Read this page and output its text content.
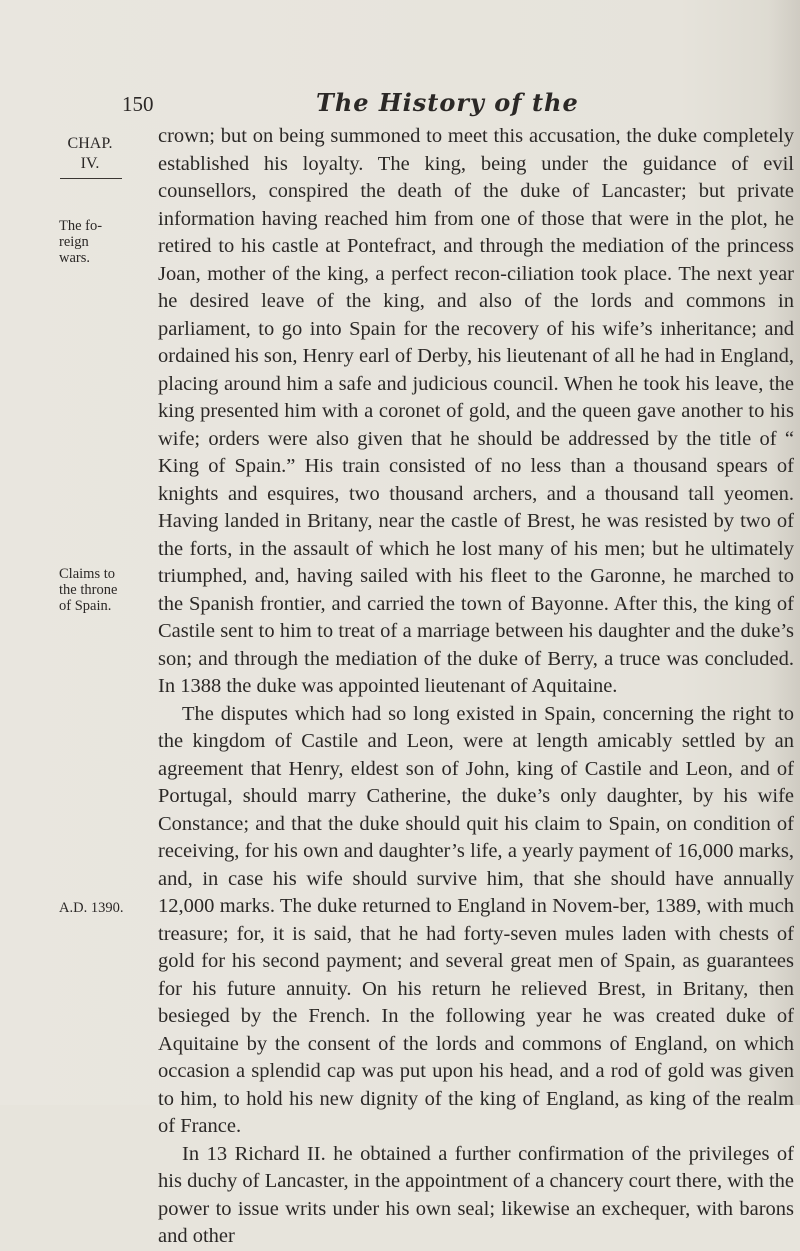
150	The History of the
CHAP.
IV.
The fo-
reign
wars.
Claims to
the throne
of Spain.
A.D. 1390.

crown; but on being summoned to meet this accusation, the duke completely established his loyalty. The king, being under the guidance of evil counsellors, conspired the death of the duke of Lancaster; but private information having reached him from one of those that were in the plot, he retired to his castle at Pontefract, and through the mediation of the princess Joan, mother of the king, a perfect recon-ciliation took place. The next year he desired leave of the king, and also of the lords and commons in parliament, to go into Spain for the recovery of his wife’s inheritance; and ordained his son, Henry earl of Derby, his lieutenant of all he had in England, placing around him a safe and judicious council. When he took his leave, the king presented him with a coronet of gold, and the queen gave another to his wife; orders were also given that he should be addressed by the title of “ King of Spain.” His train consisted of no less than a thousand spears of knights and esquires, two thousand archers, and a thousand tall yeomen. Having landed in Britany, near the castle of Brest, he was resisted by two of the forts, in the assault of which he lost many of his men; but he ultimately triumphed, and, having sailed with his fleet to the Garonne, he marched to the Spanish frontier, and carried the town of Bayonne. After this, the king of Castile sent to him to treat of a marriage between his daughter and the duke’s son; and through the mediation of the duke of Berry, a truce was concluded. In 1388 the duke was appointed lieutenant of Aquitaine.

The disputes which had so long existed in Spain, concerning the right to the kingdom of Castile and Leon, were at length amicably settled by an agreement that Henry, eldest son of John, king of Castile and Leon, and of Portugal, should marry Catherine, the duke’s only daughter, by his wife Constance; and that the duke should quit his claim to Spain, on condition of receiving, for his own and daughter’s life, a yearly payment of 16,000 marks, and, in case his wife should survive him, that she should have annually 12,000 marks. The duke returned to England in Novem-ber, 1389, with much treasure; for, it is said, that he had forty-seven mules laden with chests of gold for his second payment; and several great men of Spain, as guarantees for his future annuity. On his return he relieved Brest, in Britany, then besieged by the French. In the following year he was created duke of Aquitaine by the consent of the lords and commons of England, on which occasion a splendid cap was put upon his head, and a rod of gold was given to him, to hold his new dignity of the king of England, as king of the realm of France.

In 13 Richard II. he obtained a further confirmation of the privileges of his duchy of Lancaster, in the appointment of a chancery court there, with the power to issue writs under his own seal; likewise an exchequer, with barons and other
